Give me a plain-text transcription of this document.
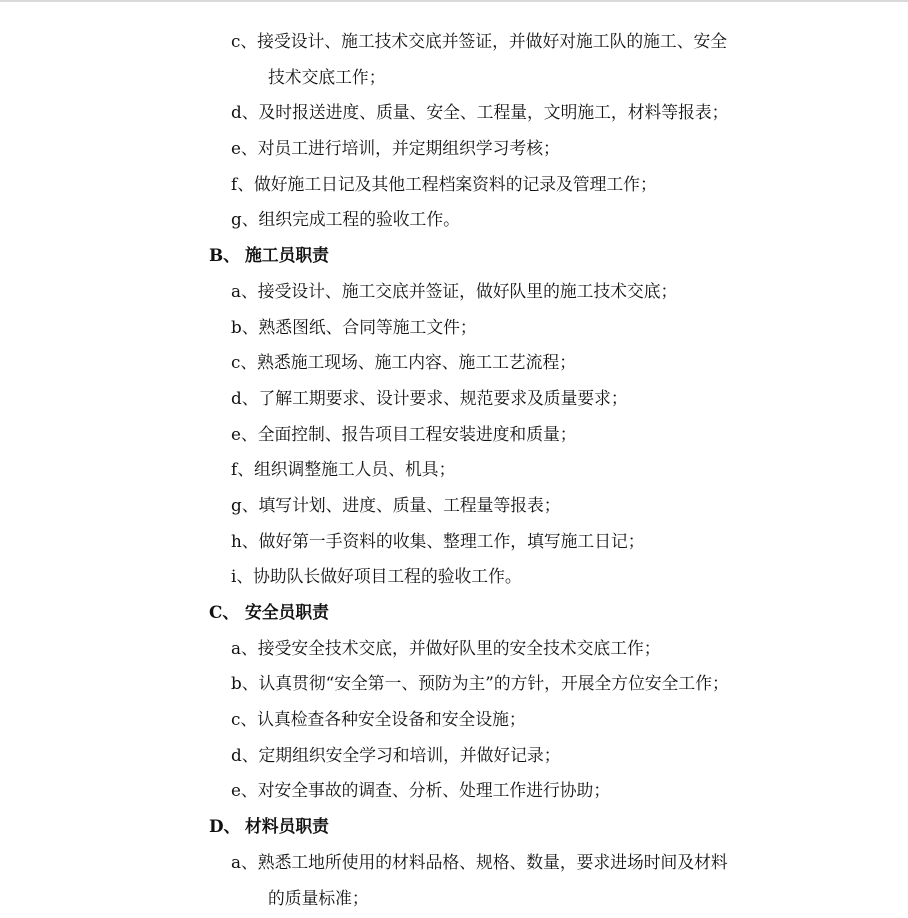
c、接受设计、施工技术交底并签证，并做好对施工队的施工、安全
技术交底工作；
d、及时报送进度、质量、安全、工程量，文明施工，材料等报表；
e、对员工进行培训，并定期组织学习考核；
f、做好施工日记及其他工程档案资料的记录及管理工作；
g、组织完成工程的验收工作。
B、 施工员职责
a、接受设计、施工交底并签证，做好队里的施工技术交底；
b、熟悉图纸、合同等施工文件；
c、熟悉施工现场、施工内容、施工工艺流程；
d、了解工期要求、设计要求、规范要求及质量要求；
e、全面控制、报告项目工程安装进度和质量；
f、组织调整施工人员、机具；
g、填写计划、进度、质量、工程量等报表；
h、做好第一手资料的收集、整理工作，填写施工日记；
i、协助队长做好项目工程的验收工作。
C、 安全员职责
a、接受安全技术交底，并做好队里的安全技术交底工作；
b、认真贯彻“安全第一、预防为主”的方针，开展全方位安全工作；
c、认真检查各种安全设备和安全设施；
d、定期组织安全学习和培训，并做好记录；
e、对安全事故的调查、分析、处理工作进行协助；
D、 材料员职责
a、熟悉工地所使用的材料品格、规格、数量，要求进场时间及材料
的质量标准；
